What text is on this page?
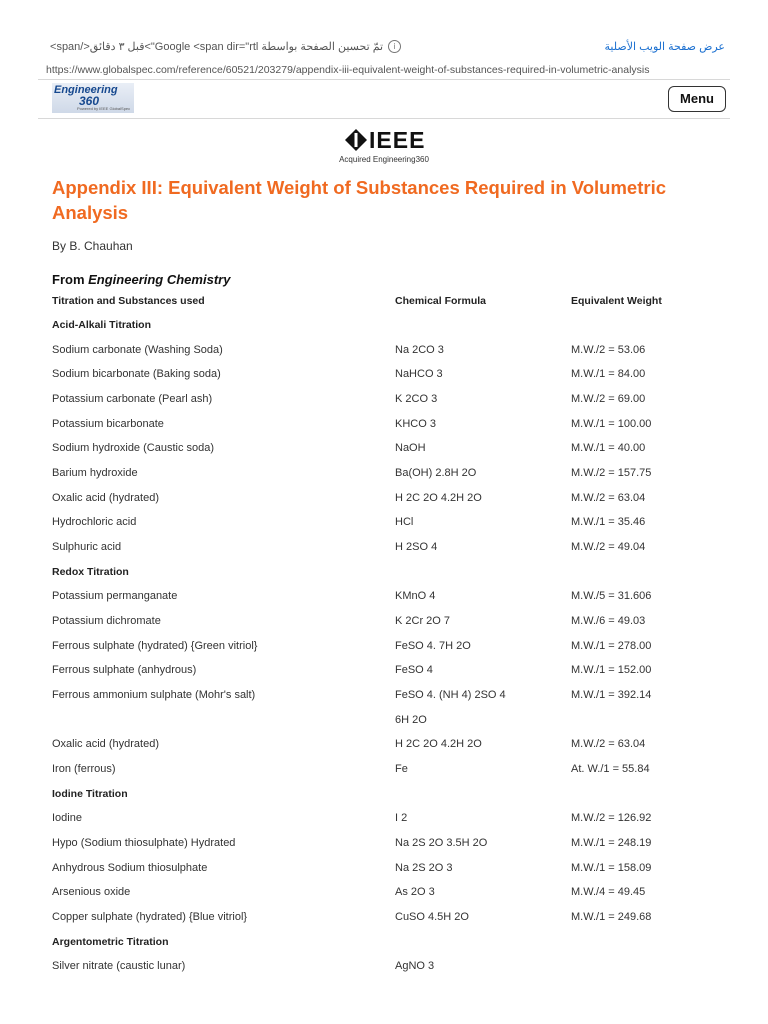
i
تمّ تحسين الصفحة بواسطة Google <span dir="rtl">قبل ٣ دقائق</span>	عرض صفحة الويب الأصلية
https://www.globalspec.com/reference/60521/203279/appendix-iii-equivalent-weight-of-substances-required-in-volumetric-analysis
Engineering
360
Powered by IEEE GlobalSpec
Menu
IEEE
Acquired Engineering360
Appendix III: Equivalent Weight of Substances Required in Volumetric Analysis
By B. Chauhan
From Engineering Chemistry
Titration and Substances used	Chemical Formula	Equivalent Weight
Acid-Alkali Titration
Sodium carbonate (Washing Soda)	Na 2CO 3	M.W./2 = 53.06
Sodium bicarbonate (Baking soda)	NaHCO 3	M.W./1 = 84.00
Potassium carbonate (Pearl ash)	K 2CO 3	M.W./2 = 69.00
Potassium bicarbonate	KHCO 3	M.W./1 = 100.00
Sodium hydroxide (Caustic soda)	NaOH	M.W./1 = 40.00
Barium hydroxide	Ba(OH) 2.8H 2O	M.W./2 = 157.75
Oxalic acid (hydrated)	H 2C 2O 4.2H 2O	M.W./2 = 63.04
Hydrochloric acid	HCl	M.W./1 = 35.46
Sulphuric acid	H 2SO 4	M.W./2 = 49.04
Redox Titration
Potassium permanganate	KMnO 4	M.W./5 = 31.606
Potassium dichromate	K 2Cr 2O 7	M.W./6 = 49.03
Ferrous sulphate (hydrated) {Green vitriol}	FeSO 4. 7H 2O	M.W./1 = 278.00
Ferrous sulphate (anhydrous)	FeSO 4	M.W./1 = 152.00
Ferrous ammonium sulphate (Mohr's salt)	FeSO 4. (NH 4) 2SO 4	M.W./1 = 392.14
6H 2O
Oxalic acid (hydrated)	H 2C 2O 4.2H 2O	M.W./2 = 63.04
Iron (ferrous)	Fe	At. W./1 = 55.84
Iodine Titration
Iodine	I 2	M.W./2 = 126.92
Hypo (Sodium thiosulphate) Hydrated	Na 2S 2O 3.5H 2O	M.W./1 = 248.19
Anhydrous Sodium thiosulphate	Na 2S 2O 3	M.W./1 = 158.09
Arsenious oxide	As 2O 3	M.W./4 = 49.45
Copper sulphate (hydrated) {Blue vitriol}	CuSO 4.5H 2O	M.W./1 = 249.68
Argentometric Titration
Silver nitrate (caustic lunar)	AgNO 3
